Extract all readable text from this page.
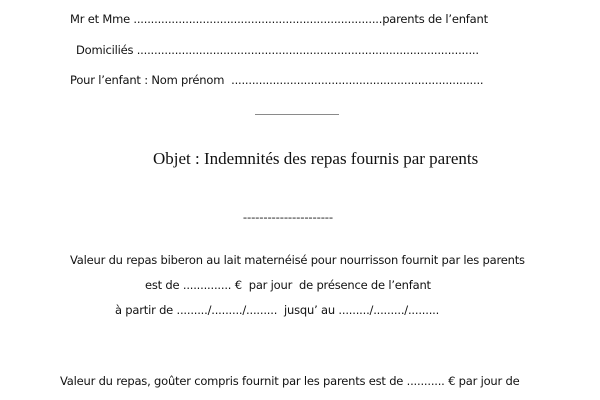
Mr et Mme ........................................................................parents de l’enfant
Domiciliés ...................................................................................................
Pour l’enfant : Nom prénom  .........................................................................
Objet : Indemnités des repas fournis par parents
----------------------
Valeur du repas biberon au lait maternéisé pour nourrisson fournit par les parents
est de .............. €  par jour  de présence de l’enfant
à partir de ........./........./.........  jusqu’ au ........./........./.........
Valeur du repas, goûter compris fournit par les parents est de ........... € par jour de
